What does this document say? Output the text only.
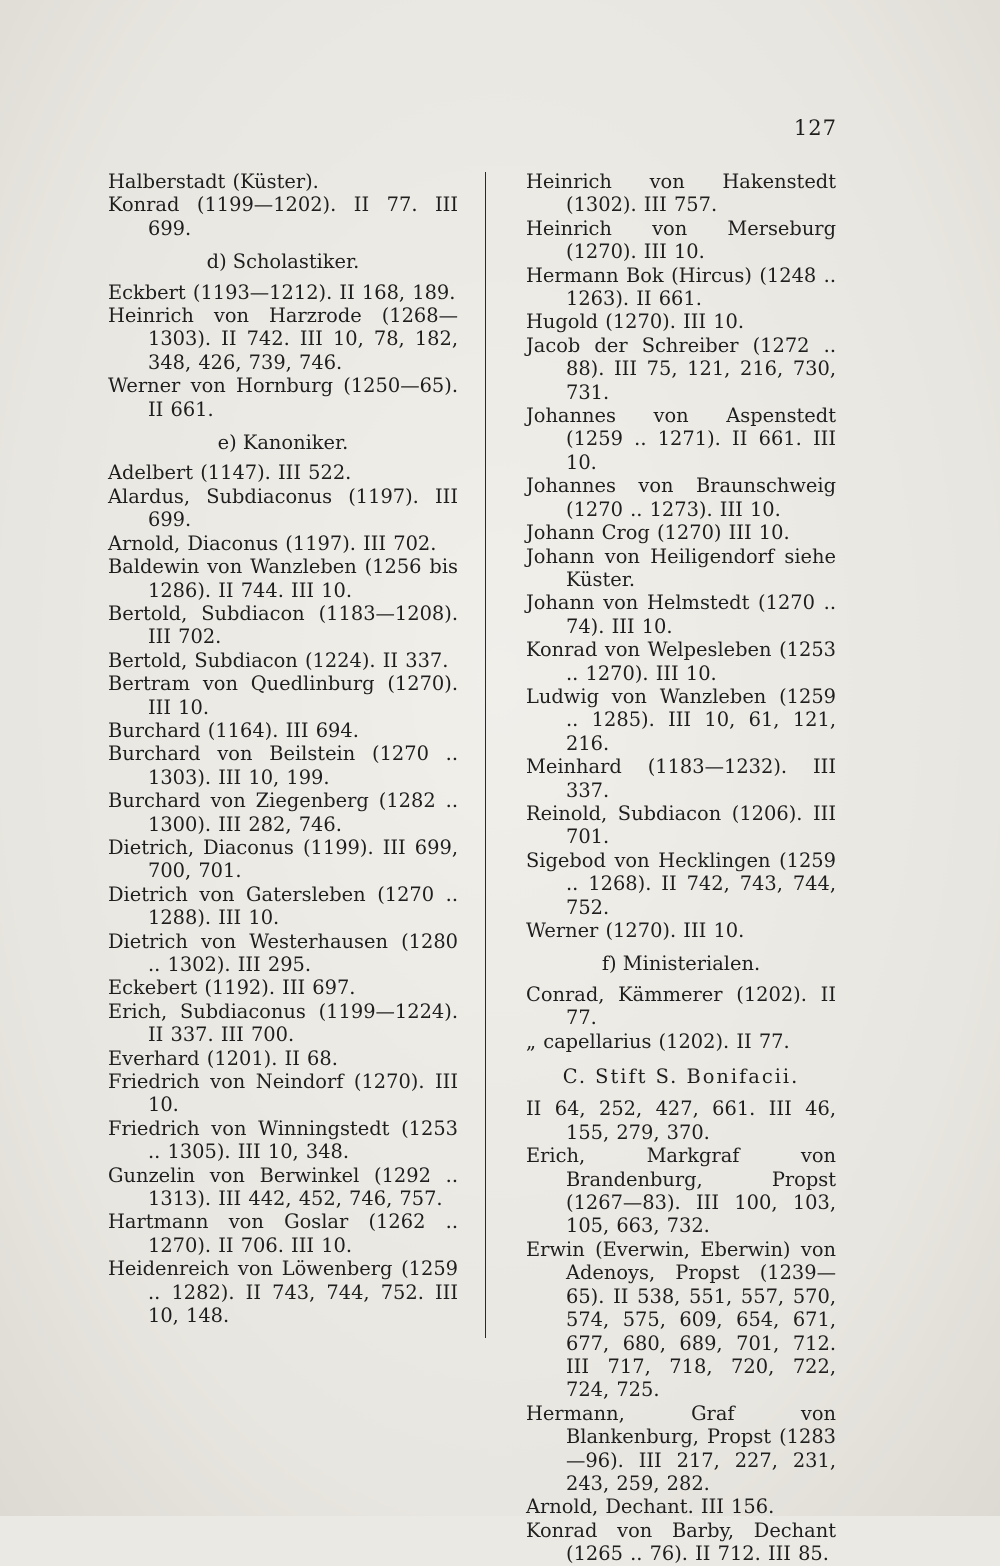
127
Halberstadt (Küster).
Konrad (1199—1202). II 77. III 699.
d) Scholastiker.
Eckbert (1193—1212). II 168, 189.
Heinrich von Harzrode (1268—1303). II 742. III 10, 78, 182, 348, 426, 739, 746.
Werner von Hornburg (1250—65). II 661.
e) Kanoniker.
Adelbert (1147). III 522.
Alardus, Subdiaconus (1197). III 699.
Arnold, Diaconus (1197). III 702.
Baldewin von Wanzleben (1256 bis 1286). II 744. III 10.
Bertold, Subdiacon (1183—1208). III 702.
Bertold, Subdiacon (1224). II 337.
Bertram von Quedlinburg (1270). III 10.
Burchard (1164). III 694.
Burchard von Beilstein (1270 .. 1303). III 10, 199.
Burchard von Ziegenberg (1282 .. 1300). III 282, 746.
Dietrich, Diaconus (1199). III 699, 700, 701.
Dietrich von Gatersleben (1270 .. 1288). III 10.
Dietrich von Westerhausen (1280 .. 1302). III 295.
Eckebert (1192). III 697.
Erich, Subdiaconus (1199—1224). II 337. III 700.
Everhard (1201). II 68.
Friedrich von Neindorf (1270). III 10.
Friedrich von Winningstedt (1253 .. 1305). III 10, 348.
Gunzelin von Berwinkel (1292 .. 1313). III 442, 452, 746, 757.
Hartmann von Goslar (1262 .. 1270). II 706. III 10.
Heidenreich von Löwenberg (1259 .. 1282). II 743, 744, 752. III 10, 148.
Heinrich von Hakenstedt (1302). III 757.
Heinrich von Merseburg (1270). III 10.
Hermann Bok (Hircus) (1248 .. 1263). II 661.
Hugold (1270). III 10.
Jacob der Schreiber (1272 .. 88). III 75, 121, 216, 730, 731.
Johannes von Aspenstedt (1259 .. 1271). II 661. III 10.
Johannes von Braunschweig (1270 .. 1273). III 10.
Johann Crog (1270) III 10.
Johann von Heiligendorf siehe Küster.
Johann von Helmstedt (1270 .. 74). III 10.
Konrad von Welpesleben (1253 .. 1270). III 10.
Ludwig von Wanzleben (1259 .. 1285). III 10, 61, 121, 216.
Meinhard (1183—1232). III 337.
Reinold, Subdiacon (1206). III 701.
Sigebod von Hecklingen (1259 .. 1268). II 742, 743, 744, 752.
Werner (1270). III 10.
f) Ministerialen.
Conrad, Kämmerer (1202). II 77.
„ capellarius (1202). II 77.
C. Stift S. Bonifacii.
II 64, 252, 427, 661. III 46, 155, 279, 370.
Erich, Markgraf von Brandenburg, Propst (1267—83). III 100, 103, 105, 663, 732.
Erwin (Everwin, Eberwin) von Adenoys, Propst (1239—65). II 538, 551, 557, 570, 574, 575, 609, 654, 671, 677, 680, 689, 701, 712. III 717, 718, 720, 722, 724, 725.
Hermann, Graf von Blankenburg, Propst (1283—96). III 217, 227, 231, 243, 259, 282.
Arnold, Dechant. III 156.
Konrad von Barby, Dechant (1265 .. 76). II 712. III 85.
